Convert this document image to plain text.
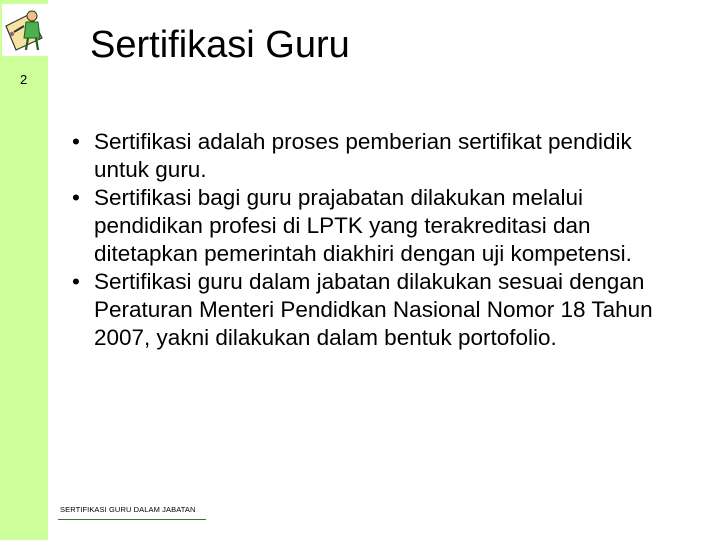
2
Sertifikasi Guru
• Sertifikasi adalah proses pemberian sertifikat pendidik untuk guru.
• Sertifikasi bagi guru prajabatan dilakukan melalui pendidikan profesi di LPTK yang terakreditasi dan ditetapkan pemerintah diakhiri dengan uji kompetensi.
• Sertifikasi guru dalam jabatan dilakukan sesuai dengan Peraturan Menteri Pendidkan Nasional Nomor 18 Tahun 2007, yakni dilakukan dalam bentuk portofolio.
SERTIFIKASI GURU DALAM JABATAN
